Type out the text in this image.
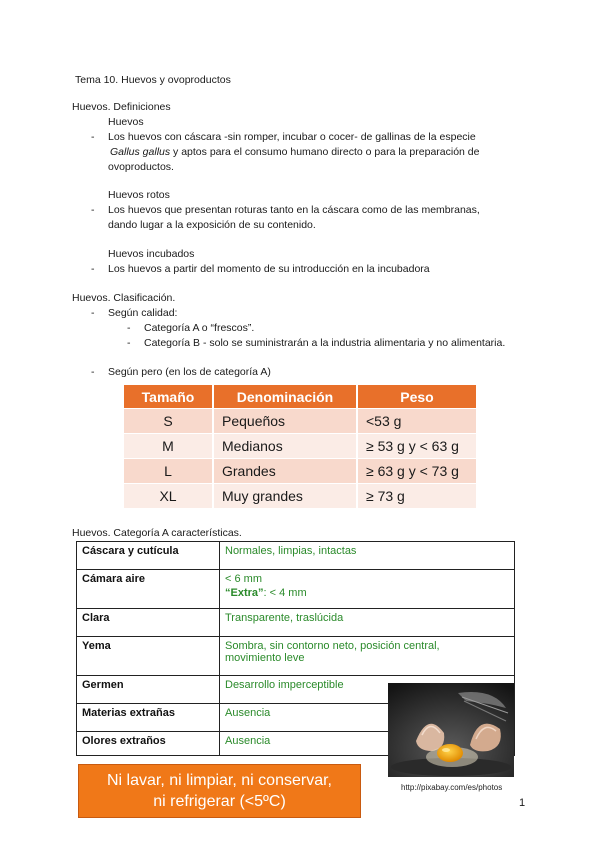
Tema 10. Huevos y ovoproductos
Huevos. Definiciones
Huevos
- Los huevos con cáscara -sin romper, incubar o cocer- de gallinas de la especie
Gallus gallus y aptos para el consumo humano directo o para la preparación de
ovoproductos.
Huevos rotos
- Los huevos que presentan roturas tanto en la cáscara como de las membranas,
dando lugar a la exposición de su contenido.
Huevos incubados
- Los huevos a partir del momento de su introducción en la incubadora
Huevos. Clasificación.
- Según calidad:
- Categoría A o “frescos”.
- Categoría B - solo se suministrarán a la industria alimentaria y no alimentaria.
- Según pero (en los de categoría A)
Tamaño	Denominación	Peso
S	Pequeños	<53 g
M	Medianos	≥ 53 g y < 63 g
L	Grandes	≥ 63 g y < 73 g
XL	Muy grandes	≥ 73 g
Huevos. Categoría A características.
Cáscara y cutícula	Normales, limpias, intactas
Cámara aire	< 6 mm
“Extra”: < 4 mm

Clara	Transparente, traslúcida
Yema	Sombra, sin contorno neto, posición central,
movimiento leve

Germen	Desarrollo imperceptible
Materias extrañas	Ausencia
Olores extraños	Ausencia
http://pixabay.com/es/photos
Ni lavar, ni limpiar, ni conservar,
ni refrigerar (<5ºC)	1
